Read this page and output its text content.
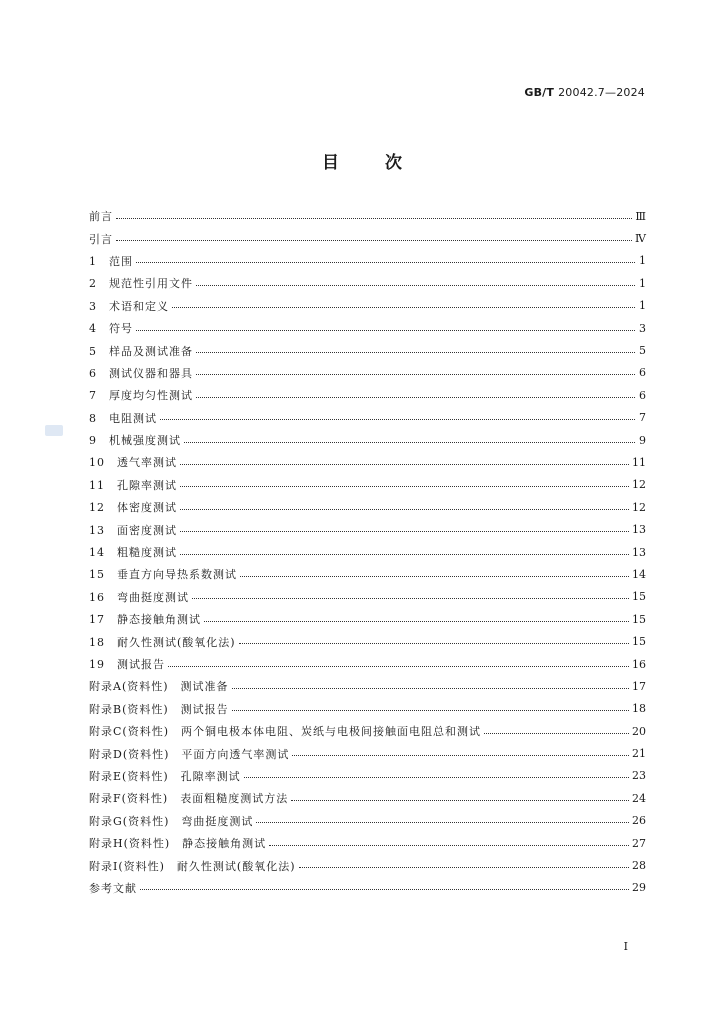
GB/T 20042.7—2024
目	次
前言	Ⅲ
引言	Ⅳ
1　范围	1
2　规范性引用文件	1
3　术语和定义	1
4　符号	3
5　样品及测试准备	5
6　测试仪器和器具	6
7　厚度均匀性测试	6
8　电阻测试	7
9　机械强度测试	9
10　透气率测试	11
11　孔隙率测试	12
12　体密度测试	12
13　面密度测试	13
14　粗糙度测试	13
15　垂直方向导热系数测试	14
16　弯曲挺度测试	15
17　静态接触角测试	15
18　耐久性测试(酸氧化法)	15
19　测试报告	16
附录A(资料性)　测试准备	17
附录B(资料性)　测试报告	18
附录C(资料性)　两个铜电极本体电阻、炭纸与电极间接触面电阻总和测试	20
附录D(资料性)　平面方向透气率测试	21
附录E(资料性)　孔隙率测试	23
附录F(资料性)　表面粗糙度测试方法	24
附录G(资料性)　弯曲挺度测试	26
附录H(资料性)　静态接触角测试	27
附录I(资料性)　耐久性测试(酸氧化法)	28
参考文献	29
I
